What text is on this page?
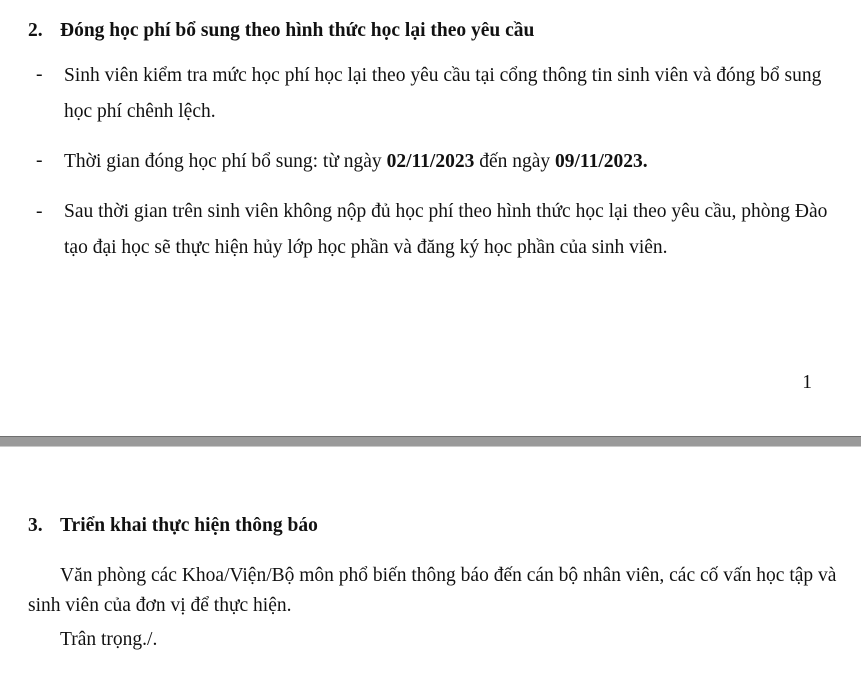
2. Đóng học phí bổ sung theo hình thức học lại theo yêu cầu
- Sinh viên kiểm tra mức học phí học lại theo yêu cầu tại cổng thông tin sinh viên và đóng bổ sung học phí chênh lệch.

- Thời gian đóng học phí bổ sung: từ ngày 02/11/2023 đến ngày 09/11/2023.

- Sau thời gian trên sinh viên không nộp đủ học phí theo hình thức học lại theo yêu cầu, phòng Đào tạo đại học sẽ thực hiện hủy lớp học phần và đăng ký học phần của sinh viên.

1
3. Triển khai thực hiện thông báo

Văn phòng các Khoa/Viện/Bộ môn phổ biến thông báo đến cán bộ nhân viên, các cố vấn học tập và sinh viên của đơn vị để thực hiện.

Trân trọng./.
